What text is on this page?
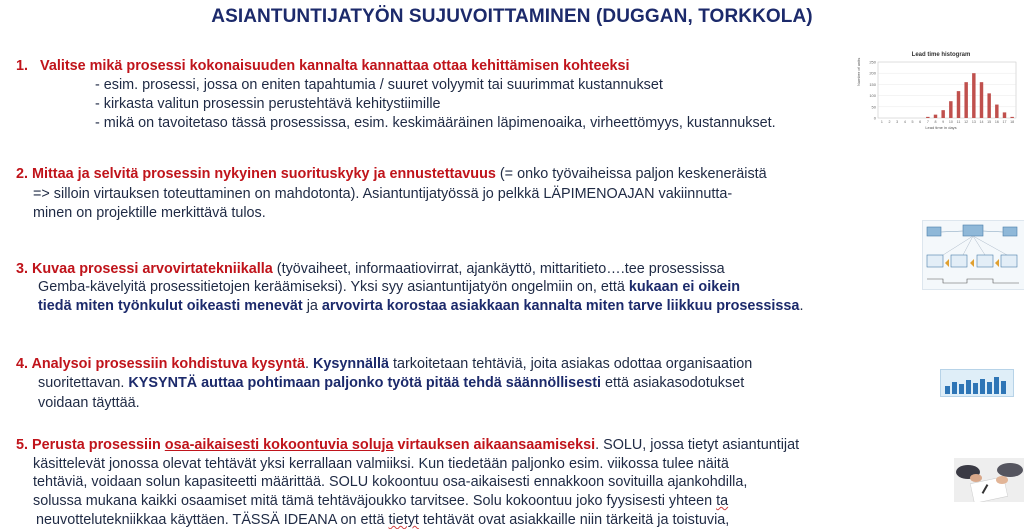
ASIANTUNTIJATYÖN SUJUVOITTAMINEN (DUGGAN, TORKKOLA)
1. Valitse mikä prosessi kokonaisuuden kannalta kannattaa ottaa kehittämisen kohteeksi
- esim. prosessi, jossa on eniten tapahtumia / suuret volyymit tai suurimmat kustannukset
- kirkasta valitun prosessin perustehtävä kehitystiimille
- mikä on tavoitetaso tässä prosessissa, esim. keskimääräinen läpimenoaika, virheettömyys, kustannukset.
2. Mittaa ja selvitä prosessin nykyinen suorituskyky ja ennustettavuus (= onko työvaiheissa paljon keskeneräistä
=> silloin virtauksen toteuttaminen on mahdotonta). Asiantuntijatyössä jo pelkkä LÄPIMENOAJAN vakiinnutta-
minen on projektille merkittävä tulos.
3. Kuvaa prosessi arvovirtatekniikalla (työvaiheet, informaatiovirrat, ajankäyttö, mittaritieto….tee prosessissa
Gemba-kävelyitä prosessitietojen keräämiseksi). Yksi syy asiantuntijatyön ongelmiin on, että kukaan ei oikein
tiedä miten työnkulut oikeasti menevät ja arvovirta korostaa asiakkaan kannalta miten tarve liikkuu prosessissa.
4. Analysoi prosessiin kohdistuva kysyntä. Kysynnällä tarkoitetaan tehtäviä, joita asiakas odottaa organisaation
suoritettavan. KYSYNTÄ auttaa pohtimaan paljonko työtä pitää tehdä säännöllisesti että asiakasodotukset
voidaan täyttää.
5. Perusta prosessiin osa-aikaisesti kokoontuvia soluja virtauksen aikaansaamiseksi. SOLU, jossa tietyt asiantuntijat
käsittelevät jonossa olevat tehtävät yksi kerrallaan valmiiksi. Kun tiedetään paljonko esim. viikossa tulee näitä
tehtäviä, voidaan solun kapasiteetti määrittää. SOLU kokoontuu osa-aikaisesti ennakkoon sovituilla ajankohdilla,
solussa mukana kaikki osaamiset mitä tämä tehtäväjoukko tarvitsee. Solu kokoontuu joko fyysisesti yhteen ta
neuvottelutekniikkaa käyttäen. TÄSSÄ IDEANA on että tietyt tehtävät ovat asiakkaille niin tärkeitä ja toistuvia,
Lead time histogram
Number of units
0
50
100
150
200
250
1 2 3 4 5 6 7 8 9 10 11 12 13 14 15 16 17 18
Lead time in days
